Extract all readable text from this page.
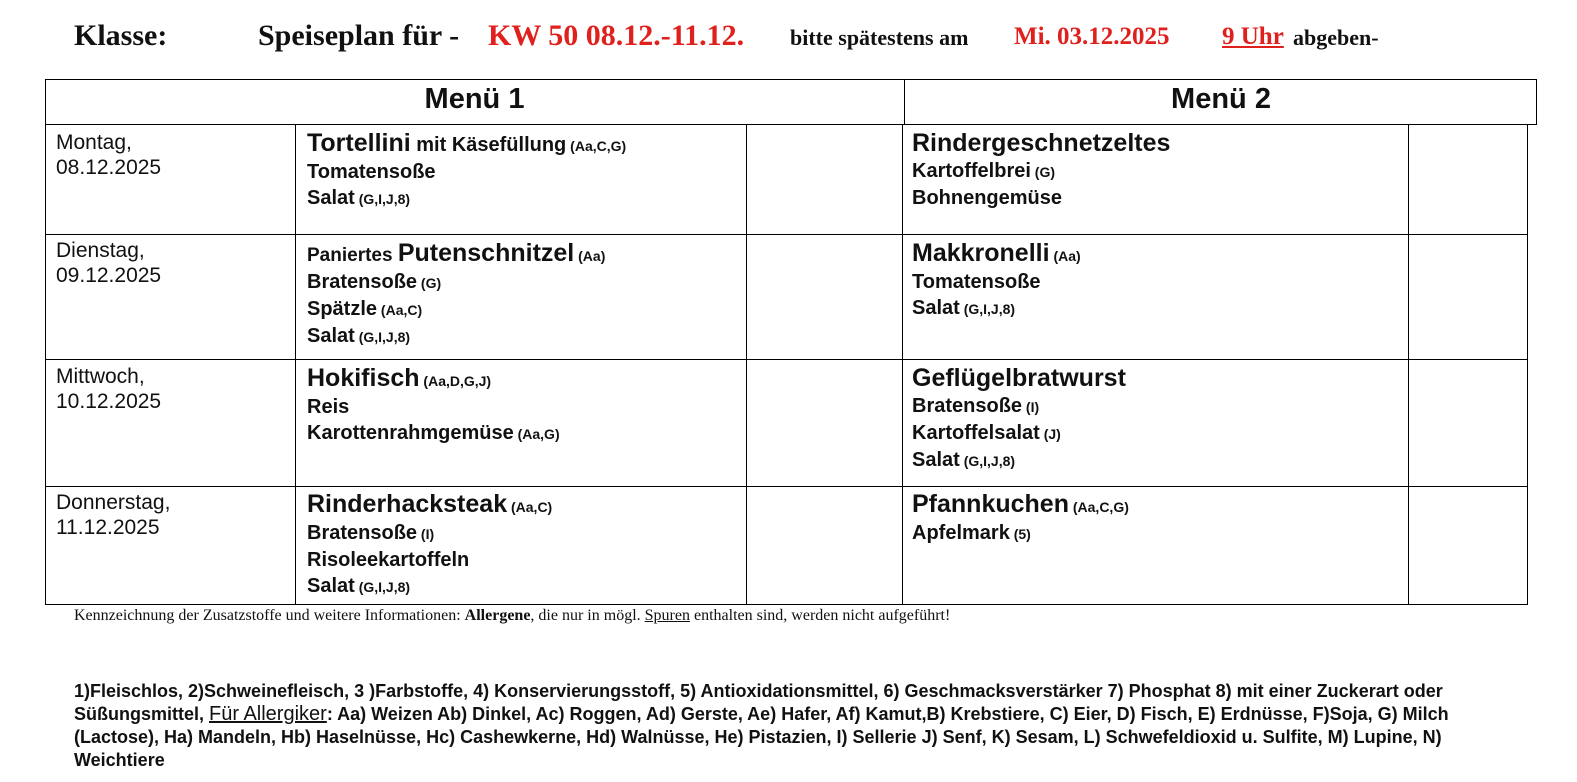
Klasse:	Speiseplan für - KW 50 08.12.-11.12. bitte spätestens am Mi. 03.12.2025 9 Uhr abgeben-
Menü 1	Menü 2
Montag,
08.12.2025
Tortellini mit Käsefüllung (Aa,C,G)
Tomatensoße
Salat (G,I,J,8)
Rindergeschnetzeltes
Kartoffelbrei (G)
Bohnengemüse
Dienstag,
09.12.2025
Paniertes Putenschnitzel (Aa)
Bratensoße (G)
Spätzle (Aa,C)
Salat (G,I,J,8)
Makkronelli (Aa)
Tomatensoße
Salat (G,I,J,8)
Mittwoch,
10.12.2025
Hokifisch (Aa,D,G,J)
Reis
Karottenrahmgemüse (Aa,G)
Geflügelbratwurst
Bratensoße (I)
Kartoffelsalat (J)
Salat (G,I,J,8)
Donnerstag,
11.12.2025
Rinderhacksteak (Aa,C)
Bratensoße (I)
Risoleekartoffeln
Salat (G,I,J,8)
Pfannkuchen (Aa,C,G)
Apfelmark (5)
Kennzeichnung der Zusatzstoffe und weitere Informationen: Allergene, die nur in mögl. Spuren enthalten sind, werden nicht aufgeführt!
1)Fleischlos, 2)Schweinefleisch, 3 )Farbstoffe, 4) Konservierungsstoff, 5) Antioxidationsmittel, 6) Geschmacksverstärker 7) Phosphat 8) mit einer Zuckerart oder Süßungsmittel, Für Allergiker: Aa) Weizen Ab) Dinkel, Ac) Roggen, Ad) Gerste, Ae) Hafer, Af) Kamut,B) Krebstiere, C) Eier, D) Fisch, E) Erdnüsse, F)Soja, G) Milch (Lactose), Ha) Mandeln, Hb) Haselnüsse, Hc) Cashewkerne, Hd) Walnüsse, He) Pistazien, I) Sellerie J) Senf, K) Sesam, L) Schwefeldioxid u. Sulfite, M) Lupine, N) Weichtiere
